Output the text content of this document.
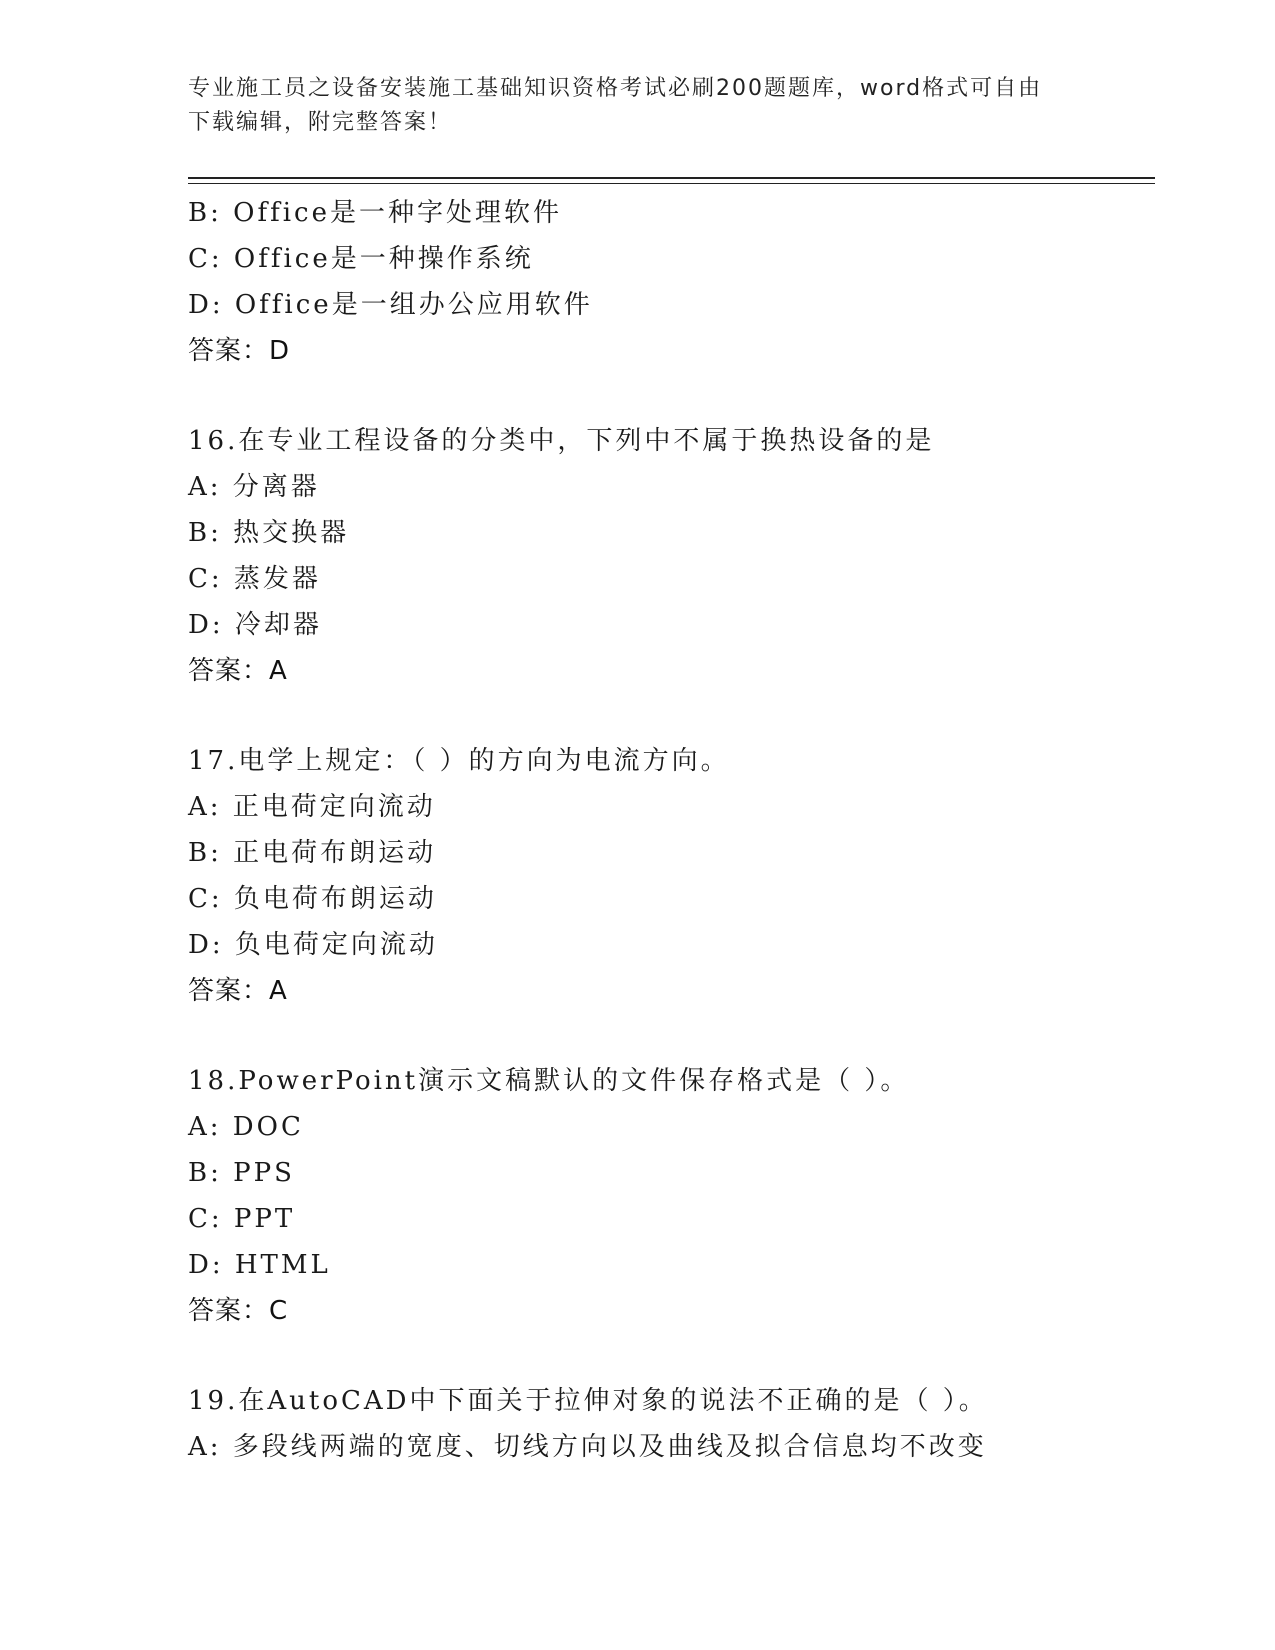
专业施工员之设备安装施工基础知识资格考试必刷200题题库，word格式可自由
下载编辑，附完整答案！
B: Office是一种字处理软件
C: Office是一种操作系统
D: Office是一组办公应用软件
答案：D
16.在专业工程设备的分类中，下列中不属于换热设备的是
A: 分离器
B: 热交换器
C: 蒸发器
D: 冷却器
答案：A
17.电学上规定：（ ）的方向为电流方向。
A: 正电荷定向流动
B: 正电荷布朗运动
C: 负电荷布朗运动
D: 负电荷定向流动
答案：A
18.PowerPoint演示文稿默认的文件保存格式是（ ）。
A: DOC
B: PPS
C: PPT
D: HTML
答案：C
19.在AutoCAD中下面关于拉伸对象的说法不正确的是（ ）。
A: 多段线两端的宽度、切线方向以及曲线及拟合信息均不改变
